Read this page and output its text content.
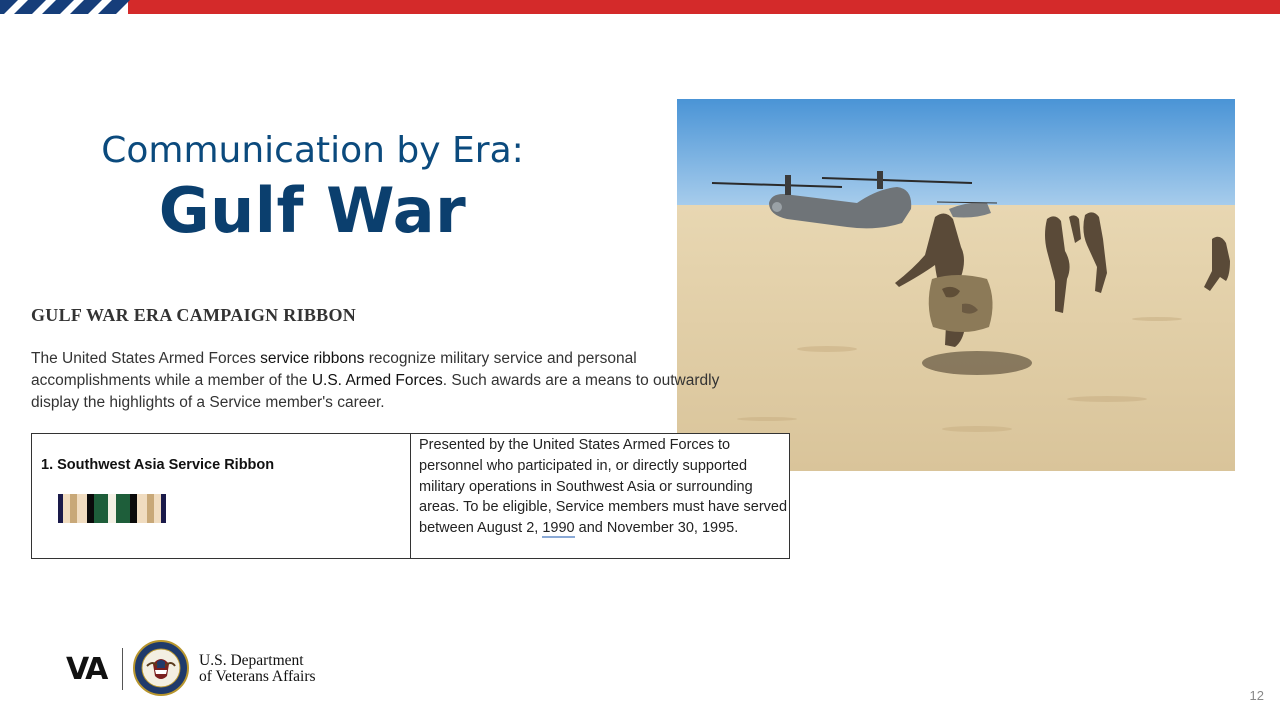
Communication by Era:
Gulf War
GULF WAR ERA CAMPAIGN RIBBON

The United States Armed Forces service ribbons recognize military service and personal accomplishments while a member of the U.S. Armed Forces. Such awards are a means to outwardly display the highlights of a Service member's career.

1. Southwest Asia Service Ribbon
Presented by the United States Armed Forces to personnel who participated in, or directly supported military operations in Southwest Asia or surrounding areas. To be eligible, Service members must have served between August 2, 1990 and November 30, 1995.
VA	U.S. Department
of Veterans Affairs
12
